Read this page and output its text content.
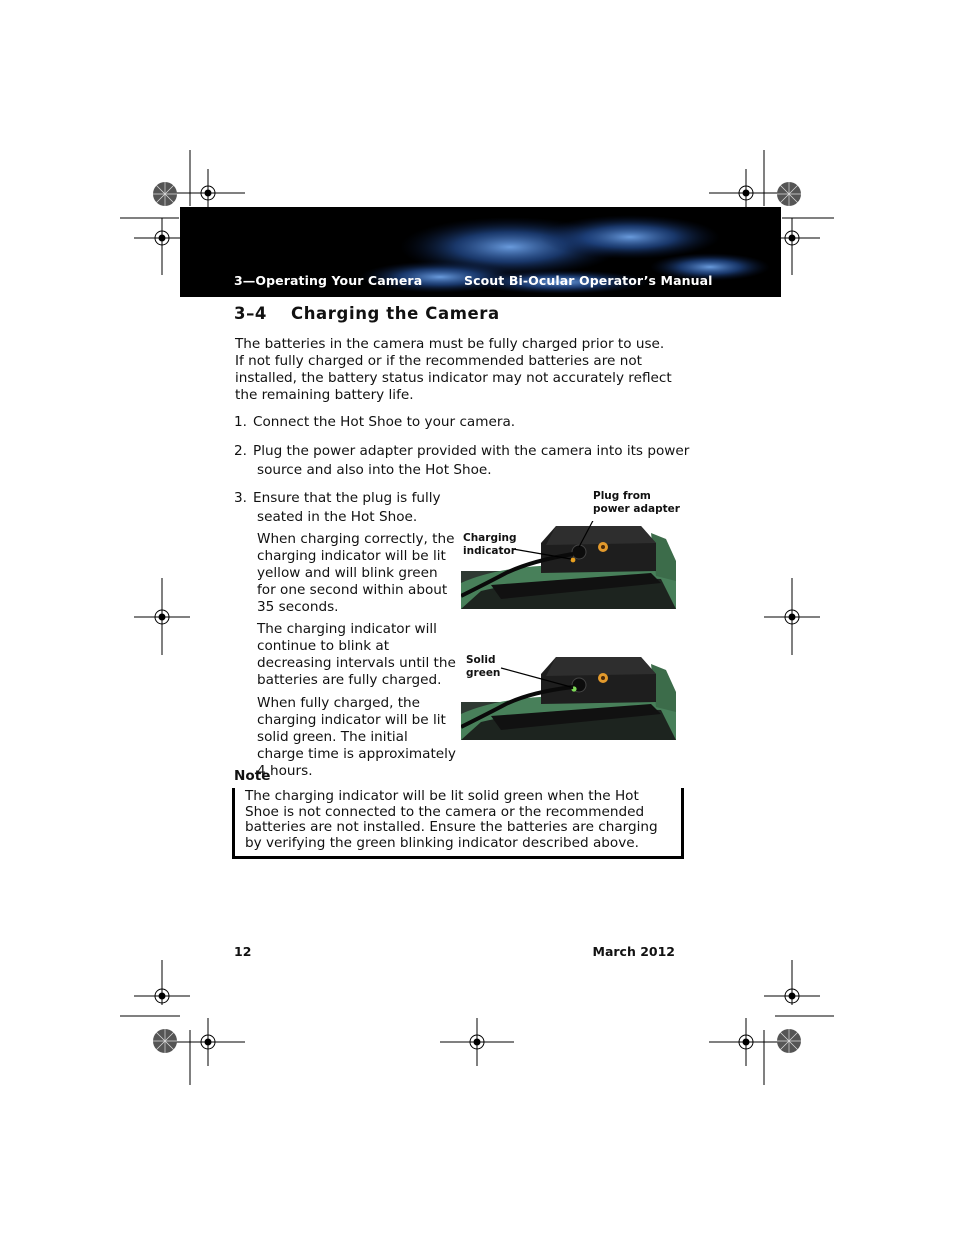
3—Operating Your Camera	Scout Bi-Ocular Operator’s Manual
3–4 Charging the Camera
The batteries in the camera must be fully charged prior to use. If not fully charged or if the recommended batteries are not installed, the battery status indicator may not accurately reflect the remaining battery life.
1. Connect the Hot Shoe to your camera.
2. Plug the power adapter provided with the camera into its power
source and also into the Hot Shoe.
3. Ensure that the plug is fully
seated in the Hot Shoe.
When charging correctly, the charging indicator will be lit yellow and will blink green for one second within about 35 seconds.
The charging indicator will continue to blink at decreasing intervals until the batteries are fully charged.
When fully charged, the charging indicator will be lit solid green. The initial charge time is approximately 4 hours.
Plug from
power adapter
Charging
indicator
Solid
green
Note
The charging indicator will be lit solid green when the Hot Shoe is not connected to the camera or the recommended batteries are not installed. Ensure the batteries are charging by verifying the green blinking indicator described above.
12	March 2012
